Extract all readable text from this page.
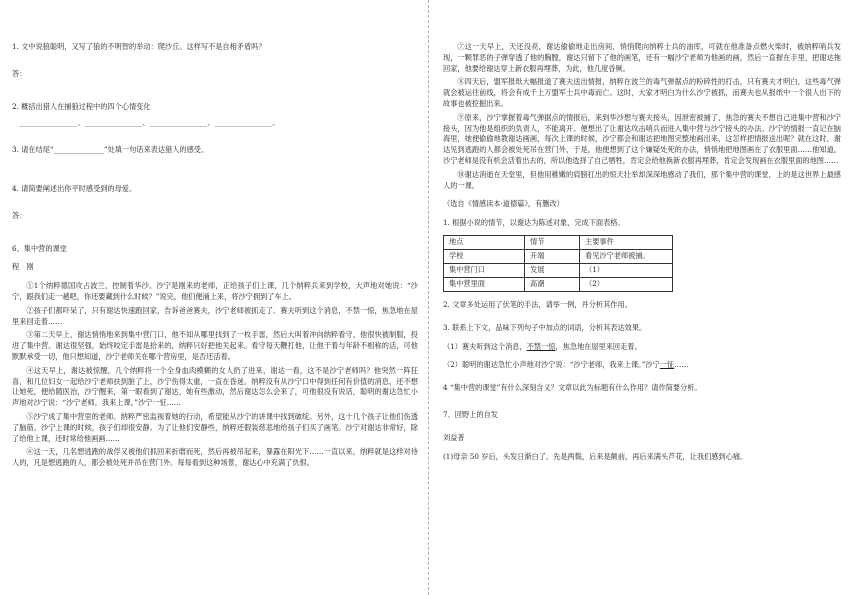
1. 文中说狼聪明，又写了狼的不明智的举动：爬沙丘。这样写不是自相矛盾吗？

答：

2. 概括出猎人在捕狼过程中的四个心情变化

______________、______________、______________、______________。

3. 请在结尾“______________”处填一句话来表达猎人的感受。

4. 请简要阐述出你平时感受到的母爱。

答：

6、集中营的课堂

程　刚

①1个纳粹德国攻占波兰，控制着华沙。沙宁是刚来的老师，正给孩子们上课，几个纳粹兵来到学校，大声地对她说：“沙宁，跟我们走一趟吧，你还要藏到什么时候？”说完，他们便涌上来，将沙宁拥到了车上。

②孩子们都吓呆了，只有谢达快速跑回家，告诉爸爸赛夫，沙宁老师被抓走了。赛夫听到这个消息，不禁一惊，焦急地在屋里来回走着……

③第二天早上，谢达悄悄地来到集中营门口，他不知从哪里找到了一枚手雷，然后大叫着冲向纳粹看守，他很快被制服，投进了集中营。谢达很坚强，始终咬定手雷是拾来的，纳粹只好把他关起来。看守每天鞭打他，让他干着与年龄不相称的活，可他默默承受一切，他只想知道，沙宁老师关在哪个营房里，是否还活着。

④这天早上，谢达被惊醒，几个纳粹将一个全身血肉模糊的女人扔了进来，谢达一看，这不是沙宁老师吗？他突然一阵狂喜，和几位妇女一起给沙宁老师扶到脏了上，沙宁伤得太重，一直在昏迷。纳粹没有从沙宁口中得到任何有价值的消息，还不想让她死，便给随医治，沙宁醒来，第一眼看到了谢达，她有些激动，然后谢达怎么会来了，可他很没有说话，聪明的谢达急忙小声地对沙宁说：“沙宁老师，我来上课。”沙宁一怔……

⑤沙宁成了集中营里的老师。纳粹严密监视着她的行动，希望能从沙宁的讲课中找到破绽。另外，这十几个孩子让他们伤透了脑筋。沙宁上课的时候，孩子们却很安静。为了让他们安静些，纳粹还假装慈悲地给孩子们买了画笔。沙宁对谢达非常好，除了给他上课，还时常给他画画……

⑥这一天，几名想逃跑的战俘又被他们抓回来折磨而死，然后再被吊起来，暴露在阳光下……一直以来，纳粹就是这样对待人的，凡是想逃跑的人，都会被处死并吊在营门外。每每看到这种场景，谢达心中充满了仇恨。

⑦这一天早上，天还没亮，谢达偷偷地走出房间，悄悄爬向纳粹士兵的油库，可就在他准备点燃火柴时，被纳粹哨兵发现，一颗罪恶的子弹穿透了他的胸膛，谢达只留下了他的画笔，还有一幅沙宁老师为他画的画，然后一直握在手里，把谢达拖回家，他要给谢达穿上新衣服再埋葬，为此，他几度昏厥。

⑧四天后，盟军报纸大幅报道了赛夫送出情报，纳粹在波兰的毒气弹据点的粉碎性的打击，只有赛夫才明白，这些毒气弹就会被运往前线，将会有成千上万盟军士兵中毒而亡。这时，大家才明白为什么沙宁被抓，而赛夫也从报纸中一个很人出下的故事也被挖掘出来。

⑨原来，沙宁掌握着毒气弹据点的情报后，来到华沙想与赛夫接头，因泄密被捕了，焦急的赛夫不想自己进集中营和沙宁接头，因为他是组织的负责人，不能离开。便想出了让谢达攻击哨兵而进入集中营与沙宁接头的办法。沙宁的情报一直记在脑海里，她便偷偷地教谢达画画，每次上课的时候，沙宁都会和谢达把地图完整地画出来，这怎样把情报送出呢？就在这时，谢达见到逃跑的人都会被处死吊在营门外，于是，他便想到了这个嫌疑处死的办法，悄悄地把地图画在了衣服里面……他知道，沙宁老师是没有机会活着出去的，所以他选择了自己牺牲，肯定会给他换新衣服再埋葬，肯定会发现画在衣服里面的地图……

⑩谢达消逝在天堂里，但他用稚嫩的肩膀扛出的惊天壮举却深深地感动了我们，那个集中营的课堂，上的是这世界上最感人的一课。

（选自《情感读本·道德篇》，有删改）

1. 根据小说的情节，以谢达为陈述对象，完成下面表格。

地点	情节	主要事件
学校	开端	看见沙宁老师被捕。
集中营门口	发展	（1）
集中营里面	高潮	（2）

2. 文章多处运用了伏笔的手法，请举一例，并分析其作用。

3. 联系上下文，品味下列句子中加点的词语，分析其表达效果。

（1）赛夫听到这个消息，不禁一惊，焦急地在屋里来回走着。

（2）聪明的谢达急忙小声地对沙宁说：“沙宁老师，我来上课。”沙宁一怔……

4 “集中营的课堂”有什么深刻含义？文章以此为标题有什么作用？请作简要分析。

7、回野上的自发

刘益普

(1)母亲 50 岁后，头发日渐白了。先是两鬓，后来是额前，再后来满头芦花，让我们感到心痛。
